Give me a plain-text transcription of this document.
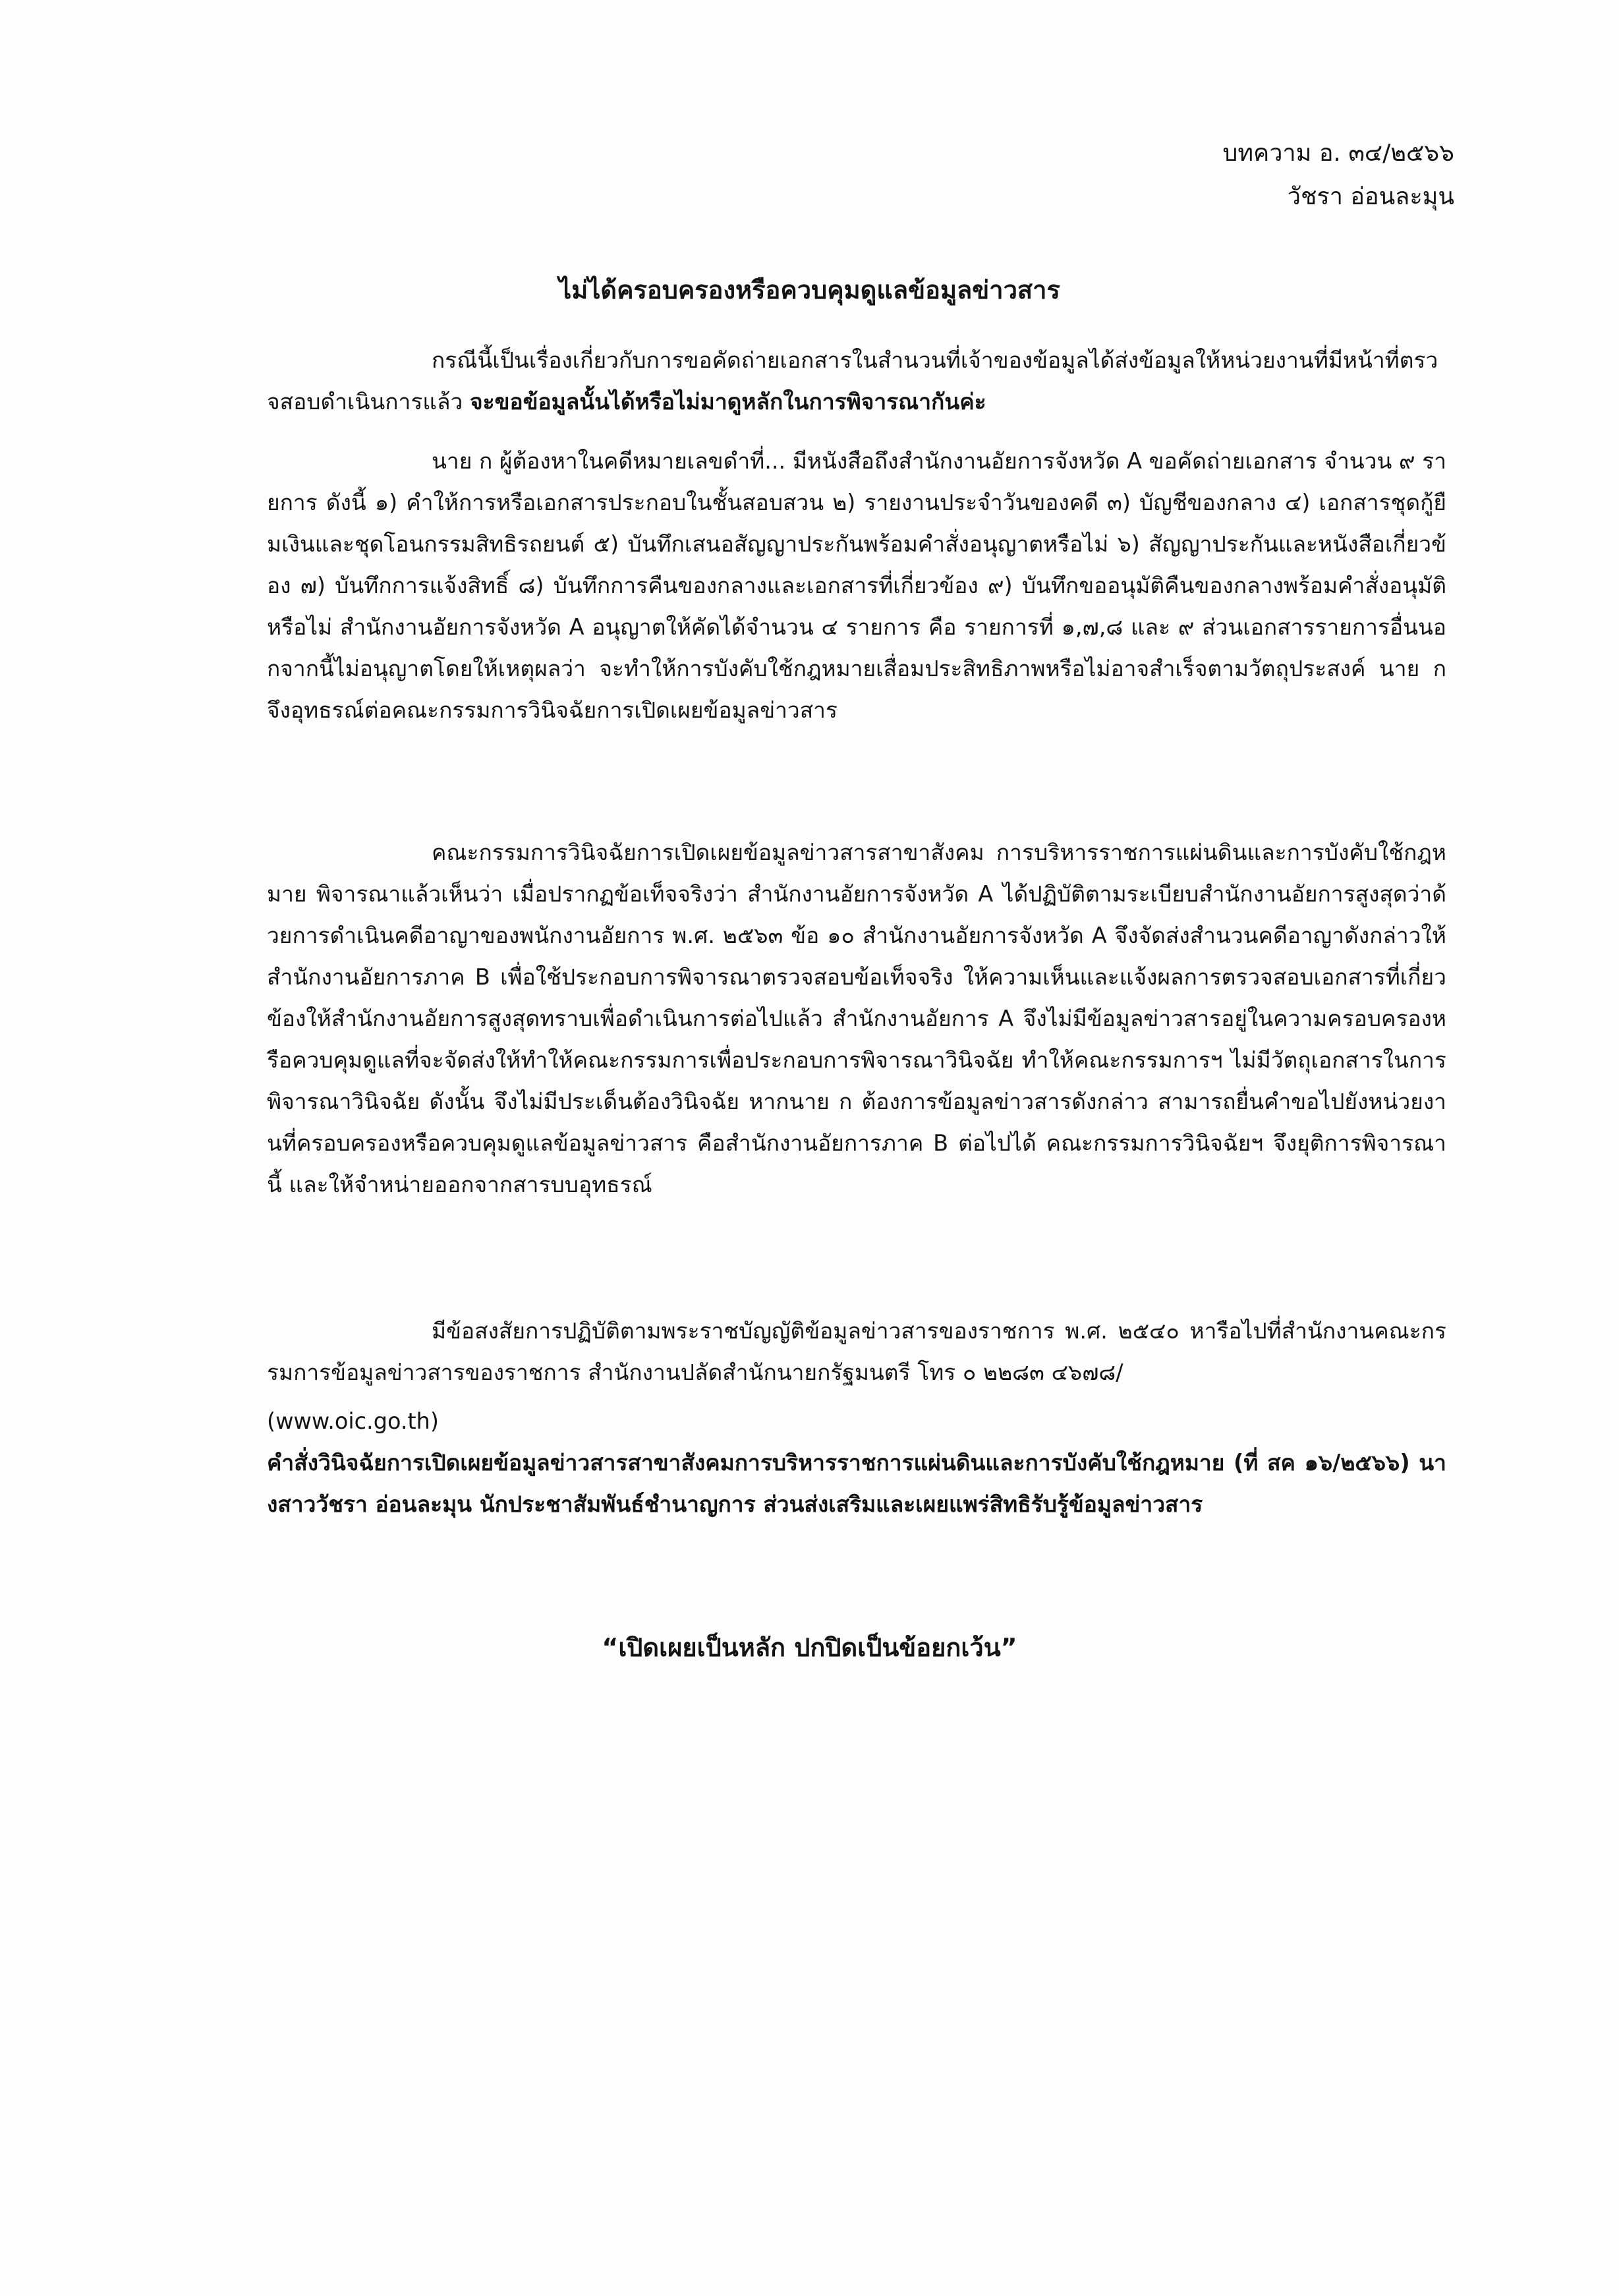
บทความ อ. ๓๔/๒๕๖๖
วัชรา อ่อนละมุน
ไม่ได้ครอบครองหรือควบคุมดูแลข้อมูลข่าวสาร
กรณีนี้เป็นเรื่องเกี่ยวกับการขอคัดถ่ายเอกสารในสำนวนที่เจ้าของข้อมูลได้ส่งข้อมูลให้หน่วยงานที่มีหน้าที่ตรวจสอบดำเนินการแล้ว จะขอข้อมูลนั้นได้หรือไม่มาดูหลักในการพิจารณากันค่ะ
นาย ก ผู้ต้องหาในคดีหมายเลขดำที่... มีหนังสือถึงสำนักงานอัยการจังหวัด A ขอคัดถ่ายเอกสาร จำนวน ๙ รายการ ดังนี้ ๑) คำให้การหรือเอกสารประกอบในชั้นสอบสวน ๒) รายงานประจำวันของคดี ๓) บัญชีของกลาง ๔) เอกสารชุดกู้ยืมเงินและชุดโอนกรรมสิทธิรถยนต์ ๕) บันทึกเสนอสัญญาประกันพร้อมคำสั่งอนุญาตหรือไม่ ๖) สัญญาประกันและหนังสือเกี่ยวข้อง ๗) บันทึกการแจ้งสิทธิ์ ๘) บันทึกการคืนของกลางและเอกสารที่เกี่ยวข้อง ๙) บันทึกขออนุมัติคืนของกลางพร้อมคำสั่งอนุมัติหรือไม่ สำนักงานอัยการจังหวัด A อนุญาตให้คัดได้จำนวน ๔ รายการ คือ รายการที่ ๑,๗,๘ และ ๙ ส่วนเอกสารรายการอื่นนอกจากนี้ไม่อนุญาตโดยให้เหตุผลว่า จะทำให้การบังคับใช้กฎหมายเสื่อมประสิทธิภาพหรือไม่อาจสำเร็จตามวัตถุประสงค์ นาย ก จึงอุทธรณ์ต่อคณะกรรมการวินิจฉัยการเปิดเผยข้อมูลข่าวสาร
คณะกรรมการวินิจฉัยการเปิดเผยข้อมูลข่าวสารสาขาสังคม การบริหารราชการแผ่นดินและการบังคับใช้กฎหมาย พิจารณาแล้วเห็นว่า เมื่อปรากฏข้อเท็จจริงว่า สำนักงานอัยการจังหวัด A ได้ปฏิบัติตามระเบียบสำนักงานอัยการสูงสุดว่าด้วยการดำเนินคดีอาญาของพนักงานอัยการ พ.ศ. ๒๕๖๓ ข้อ ๑๐ สำนักงานอัยการจังหวัด A จึงจัดส่งสำนวนคดีอาญาดังกล่าวให้สำนักงานอัยการภาค B เพื่อใช้ประกอบการพิจารณาตรวจสอบข้อเท็จจริง ให้ความเห็นและแจ้งผลการตรวจสอบเอกสารที่เกี่ยวข้องให้สำนักงานอัยการสูงสุดทราบเพื่อดำเนินการต่อไปแล้ว สำนักงานอัยการ A จึงไม่มีข้อมูลข่าวสารอยู่ในความครอบครองหรือควบคุมดูแลที่จะจัดส่งให้ทำให้คณะกรรมการเพื่อประกอบการพิจารณาวินิจฉัย ทำให้คณะกรรมการฯ ไม่มีวัตถุเอกสารในการพิจารณาวินิจฉัย ดังนั้น จึงไม่มีประเด็นต้องวินิจฉัย หากนาย ก ต้องการข้อมูลข่าวสารดังกล่าว สามารถยื่นคำขอไปยังหน่วยงานที่ครอบครองหรือควบคุมดูแลข้อมูลข่าวสาร คือสำนักงานอัยการภาค B ต่อไปได้ คณะกรรมการวินิจฉัยฯ จึงยุติการพิจารณานี้ และให้จำหน่ายออกจากสารบบอุทธรณ์
มีข้อสงสัยการปฏิบัติตามพระราชบัญญัติข้อมูลข่าวสารของราชการ พ.ศ. ๒๕๔๐ หารือไปที่สำนักงานคณะกรรมการข้อมูลข่าวสารของราชการ สำนักงานปลัดสำนักนายกรัฐมนตรี โทร ๐ ๒๒๘๓ ๔๖๗๘/
(www.oic.go.th)
คำสั่งวินิจฉัยการเปิดเผยข้อมูลข่าวสารสาขาสังคมการบริหารราชการแผ่นดินและการบังคับใช้กฎหมาย (ที่ สค ๑๖/๒๕๖๖) นางสาววัชรา อ่อนละมุน นักประชาสัมพันธ์ชำนาญการ ส่วนส่งเสริมและเผยแพร่สิทธิรับรู้ข้อมูลข่าวสาร
“เปิดเผยเป็นหลัก ปกปิดเป็นข้อยกเว้น”
